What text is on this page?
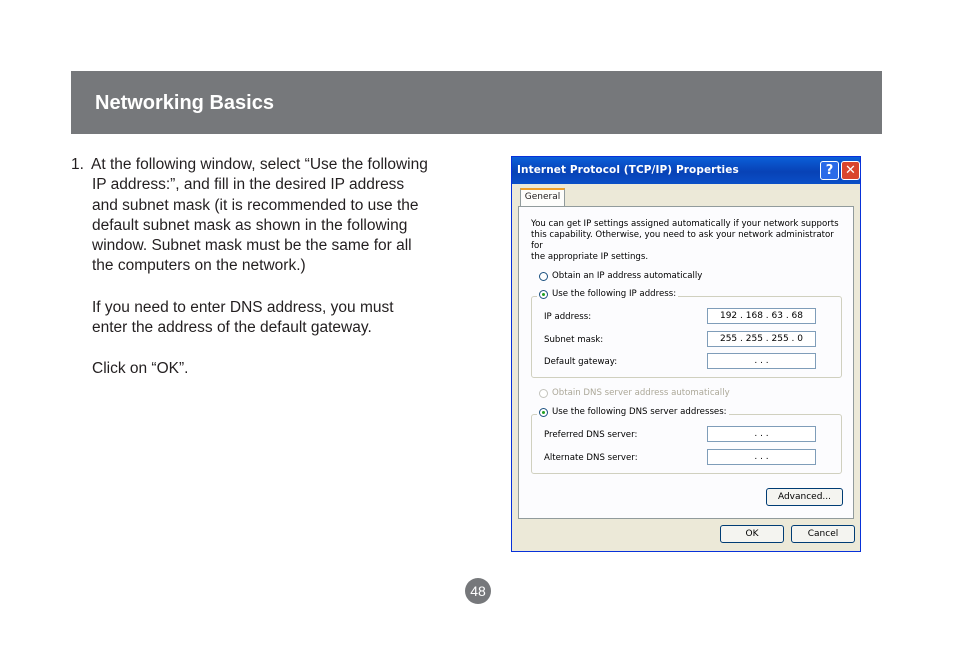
Networking Basics
1. At the following window, select “Use the following
IP address:”, and fill in the desired IP address
and subnet mask (it is recommended to use the
default subnet mask as shown in the following
window. Subnet mask must be the same for all
the computers on the network.)
If you need to enter DNS address, you must
enter the address of the default gateway.
Click on “OK”.
Internet Protocol (TCP/IP) Properties	? ✕
General
You can get IP settings assigned automatically if your network supports
this capability. Otherwise, you need to ask your network administrator for
the appropriate IP settings.
Obtain an IP address automatically
IP address:	192 . 168 . 63 . 68
Subnet mask:	255 . 255 . 255 . 0
Default gateway:	. . .
Use the following IP address:
Obtain DNS server address automatically
Preferred DNS server:	. . .
Alternate DNS server:	. . .
Use the following DNS server addresses:
Advanced...
OK	Cancel
48
